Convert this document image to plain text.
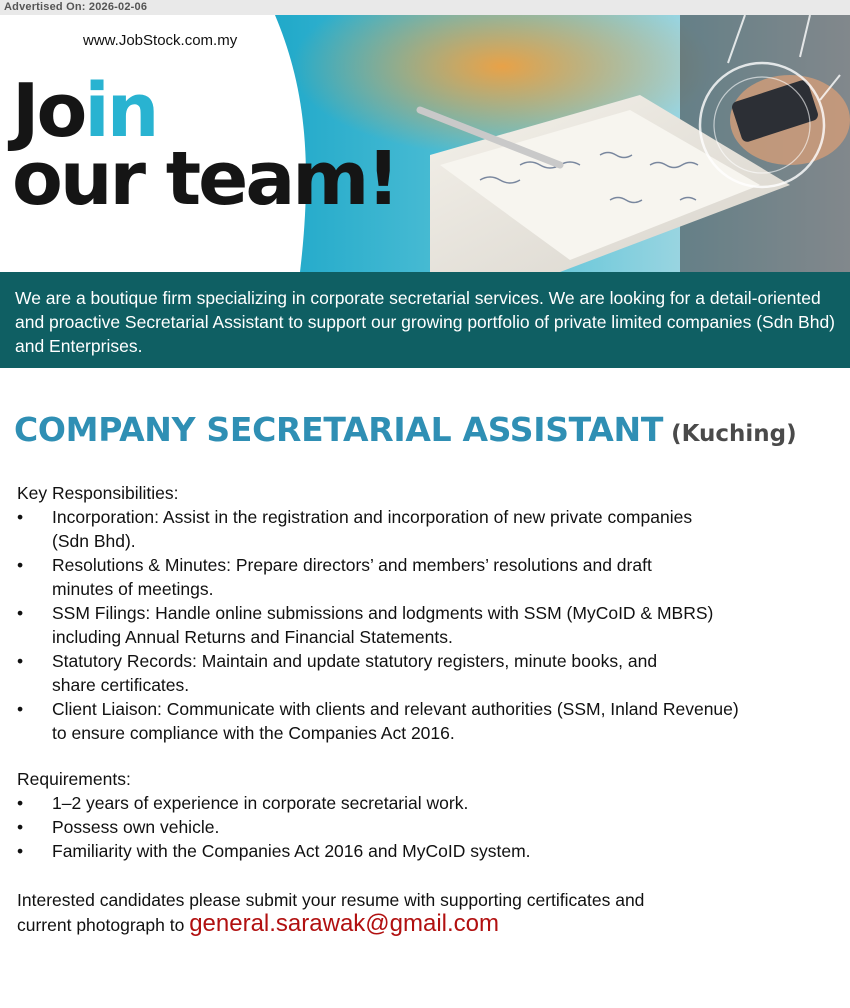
Advertised On: 2026-02-06
www.JobStock.com.my
Join
our team!

We are a boutique firm specializing in corporate secretarial services. We are looking for a detail-oriented and proactive Secretarial Assistant to support our growing portfolio of private limited companies (Sdn Bhd) and Enterprises.

COMPANY SECRETARIAL ASSISTANT (Kuching)
Key Responsibilities:
• Incorporation: Assist in the registration and incorporation of new private companies
(Sdn Bhd).
• Resolutions & Minutes: Prepare directors’ and members’ resolutions and draft
minutes of meetings.
• SSM Filings: Handle online submissions and lodgments with SSM (MyCoID & MBRS)
including Annual Returns and Financial Statements.
• Statutory Records: Maintain and update statutory registers, minute books, and
share certificates.
• Client Liaison: Communicate with clients and relevant authorities (SSM, Inland Revenue)
to ensure compliance with the Companies Act 2016.
Requirements:
• 1–2 years of experience in corporate secretarial work.
• Possess own vehicle.
• Familiarity with the Companies Act 2016 and MyCoID system.
Interested candidates please submit your resume with supporting certificates and
current photograph to general.sarawak@gmail.com
